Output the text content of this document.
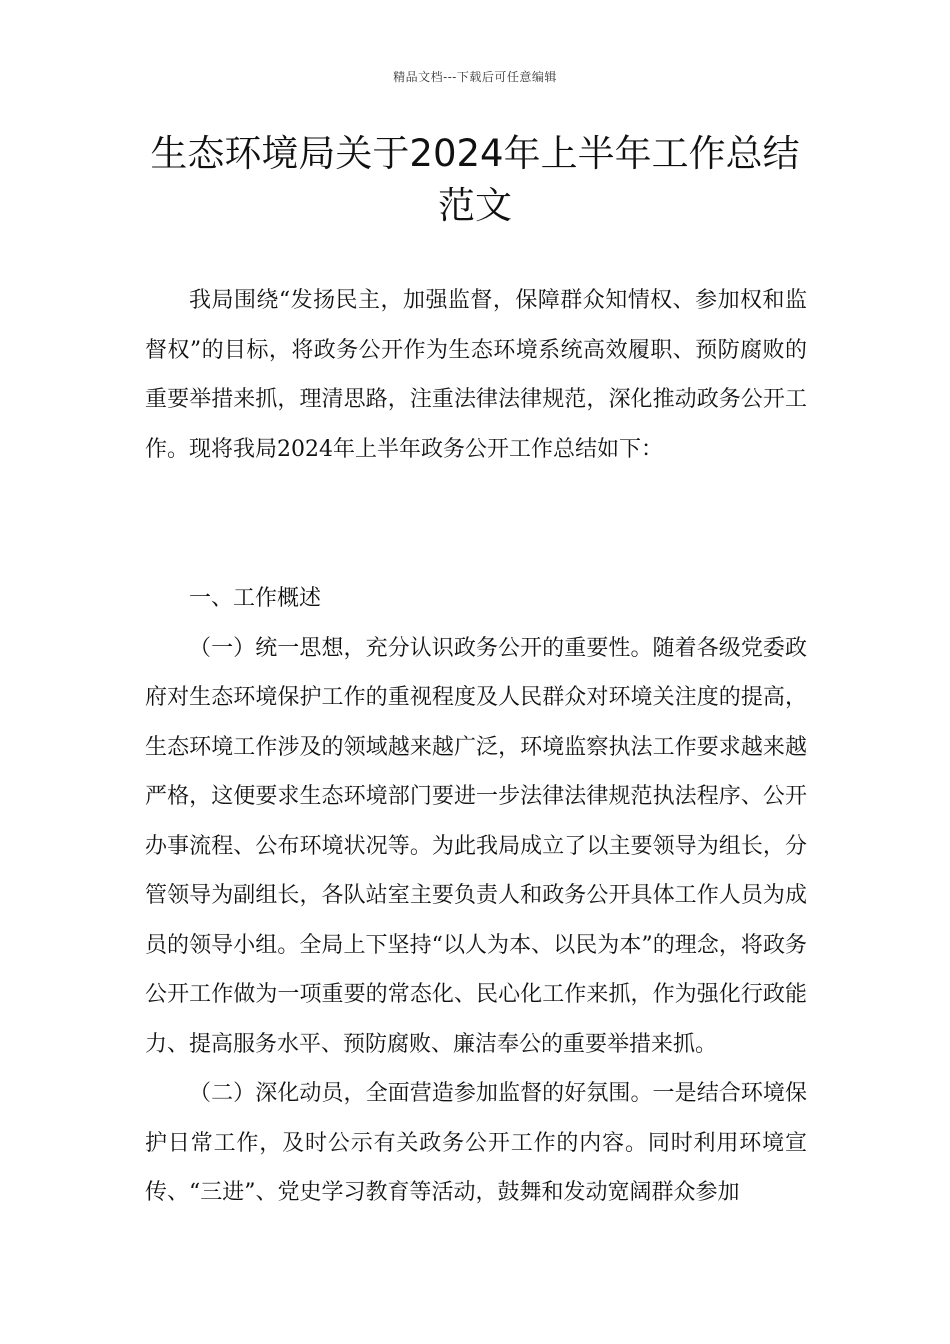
精品文档---下载后可任意编辑
生态环境局关于2024年上半年工作总结范文

我局围绕“发扬民主，加强监督，保障群众知情权、参加权和监督权”的目标，将政务公开作为生态环境系统高效履职、预防腐败的重要举措来抓，理清思路，注重法律法律规范，深化推动政务公开工作。现将我局2024年上半年政务公开工作总结如下：

一、工作概述

（一）统一思想，充分认识政务公开的重要性。随着各级党委政府对生态环境保护工作的重视程度及人民群众对环境关注度的提高，生态环境工作涉及的领域越来越广泛，环境监察执法工作要求越来越严格，这便要求生态环境部门要进一步法律法律规范执法程序、公开办事流程、公布环境状况等。为此我局成立了以主要领导为组长，分管领导为副组长，各队站室主要负责人和政务公开具体工作人员为成员的领导小组。全局上下坚持“以人为本、以民为本”的理念，将政务公开工作做为一项重要的常态化、民心化工作来抓，作为强化行政能力、提高服务水平、预防腐败、廉洁奉公的重要举措来抓。

（二）深化动员，全面营造参加监督的好氛围。一是结合环境保护日常工作，及时公示有关政务公开工作的内容。同时利用环境宣传、“三进”、党史学习教育等活动，鼓舞和发动宽阔群众参加
